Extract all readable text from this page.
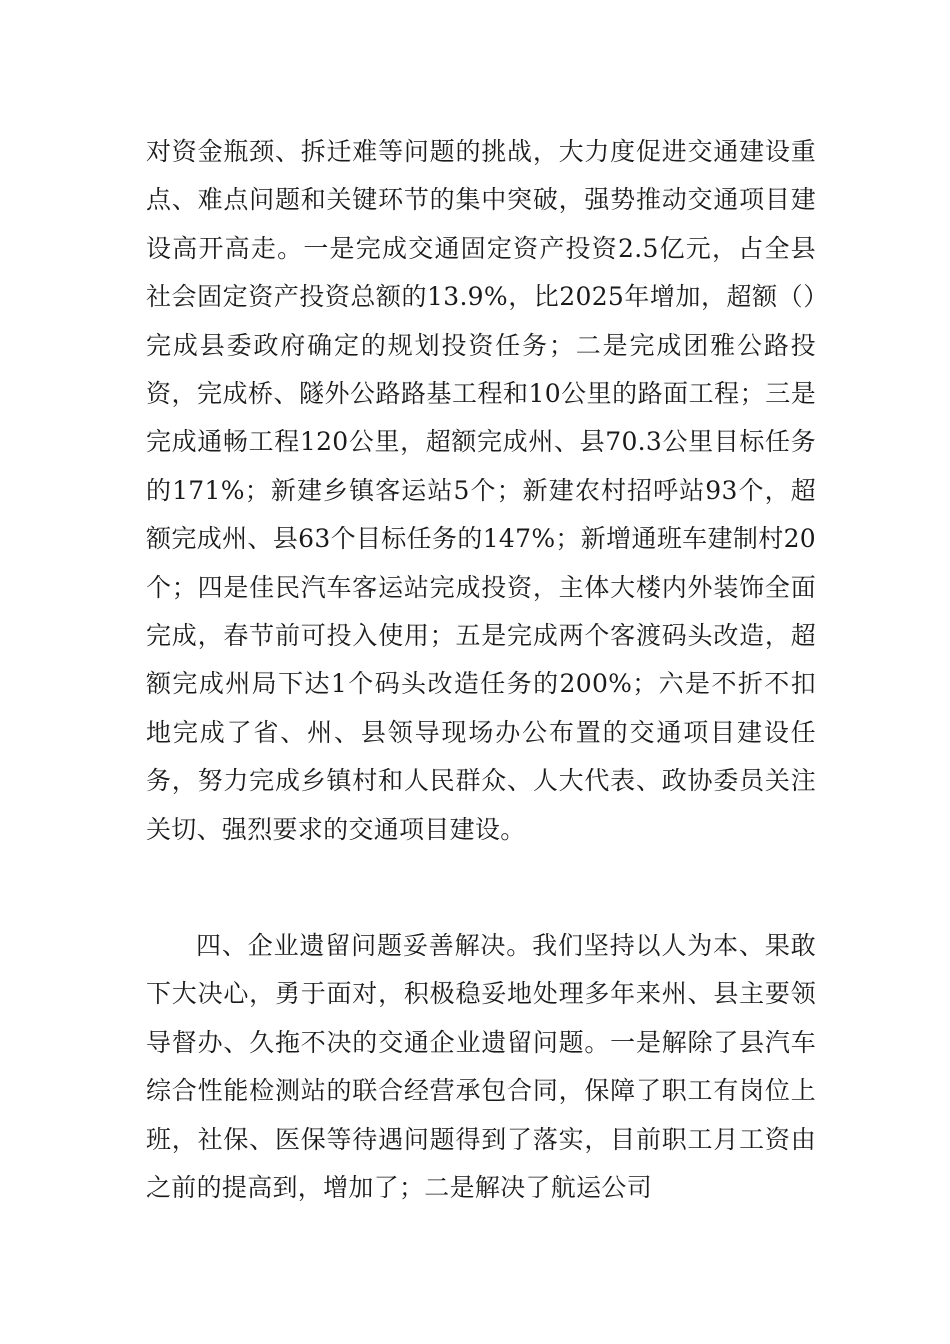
对资金瓶颈、拆迁难等问题的挑战，大力度促进交通建设重点、难点问题和关键环节的集中突破，强势推动交通项目建设高开高走。一是完成交通固定资产投资2.5亿元，占全县社会固定资产投资总额的13.9%，比2025年增加，超额（）完成县委政府确定的规划投资任务；二是完成团雅公路投资，完成桥、隧外公路路基工程和10公里的路面工程；三是完成通畅工程120公里，超额完成州、县70.3公里目标任务的171%；新建乡镇客运站5个；新建农村招呼站93个，超额完成州、县63个目标任务的147%；新增通班车建制村20个；四是佳民汽车客运站完成投资，主体大楼内外装饰全面完成，春节前可投入使用；五是完成两个客渡码头改造，超额完成州局下达1个码头改造任务的200%；六是不折不扣地完成了省、州、县领导现场办公布置的交通项目建设任务，努力完成乡镇村和人民群众、人大代表、政协委员关注关切、强烈要求的交通项目建设。

四、企业遗留问题妥善解决。我们坚持以人为本、果敢下大决心，勇于面对，积极稳妥地处理多年来州、县主要领导督办、久拖不决的交通企业遗留问题。一是解除了县汽车综合性能检测站的联合经营承包合同，保障了职工有岗位上班，社保、医保等待遇问题得到了落实，目前职工月工资由之前的提高到，增加了；二是解决了航运公司
